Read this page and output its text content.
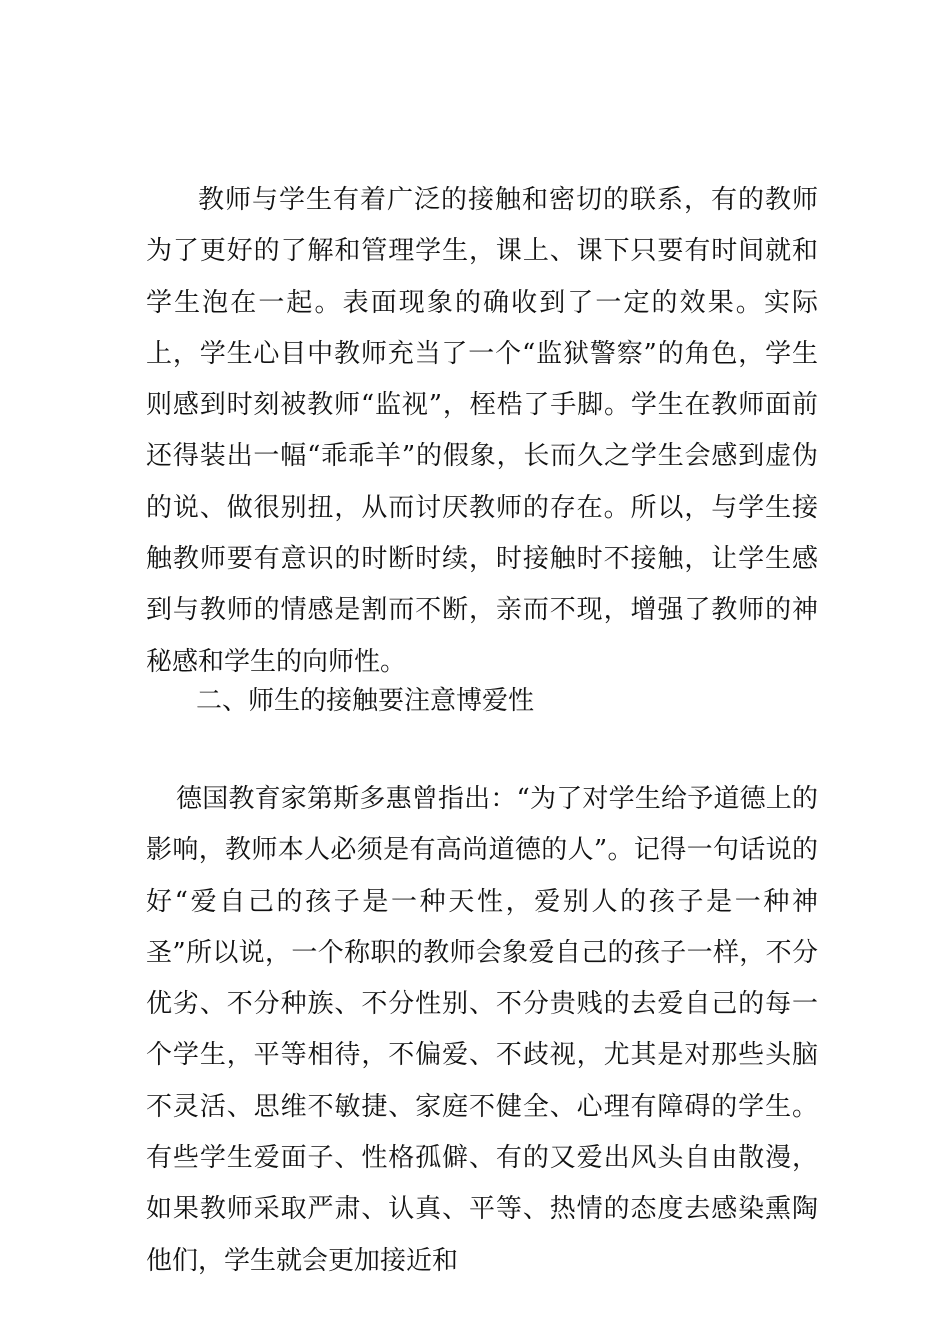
教师与学生有着广泛的接触和密切的联系，有的教师为了更好的了解和管理学生，课上、课下只要有时间就和学生泡在一起。表面现象的确收到了一定的效果。实际上，学生心目中教师充当了一个“监狱警察”的角色，学生则感到时刻被教师“监视”，桎梏了手脚。学生在教师面前还得装出一幅“乖乖羊”的假象，长而久之学生会感到虚伪的说、做很别扭，从而讨厌教师的存在。所以，与学生接触教师要有意识的时断时续，时接触时不接触，让学生感到与教师的情感是割而不断，亲而不现，增强了教师的神秘感和学生的向师性。

二、师生的接触要注意博爱性

德国教育家第斯多惠曾指出：“为了对学生给予道德上的影响，教师本人必须是有高尚道德的人”。记得一句话说的好“爱自己的孩子是一种天性，爱别人的孩子是一种神圣”所以说，一个称职的教师会象爱自己的孩子一样，不分优劣、不分种族、不分性别、不分贵贱的去爱自己的每一个学生，平等相待，不偏爱、不歧视，尤其是对那些头脑不灵活、思维不敏捷、家庭不健全、心理有障碍的学生。有些学生爱面子、性格孤僻、有的又爱出风头自由散漫，如果教师采取严肃、认真、平等、热情的态度去感染熏陶他们，学生就会更加接近和
